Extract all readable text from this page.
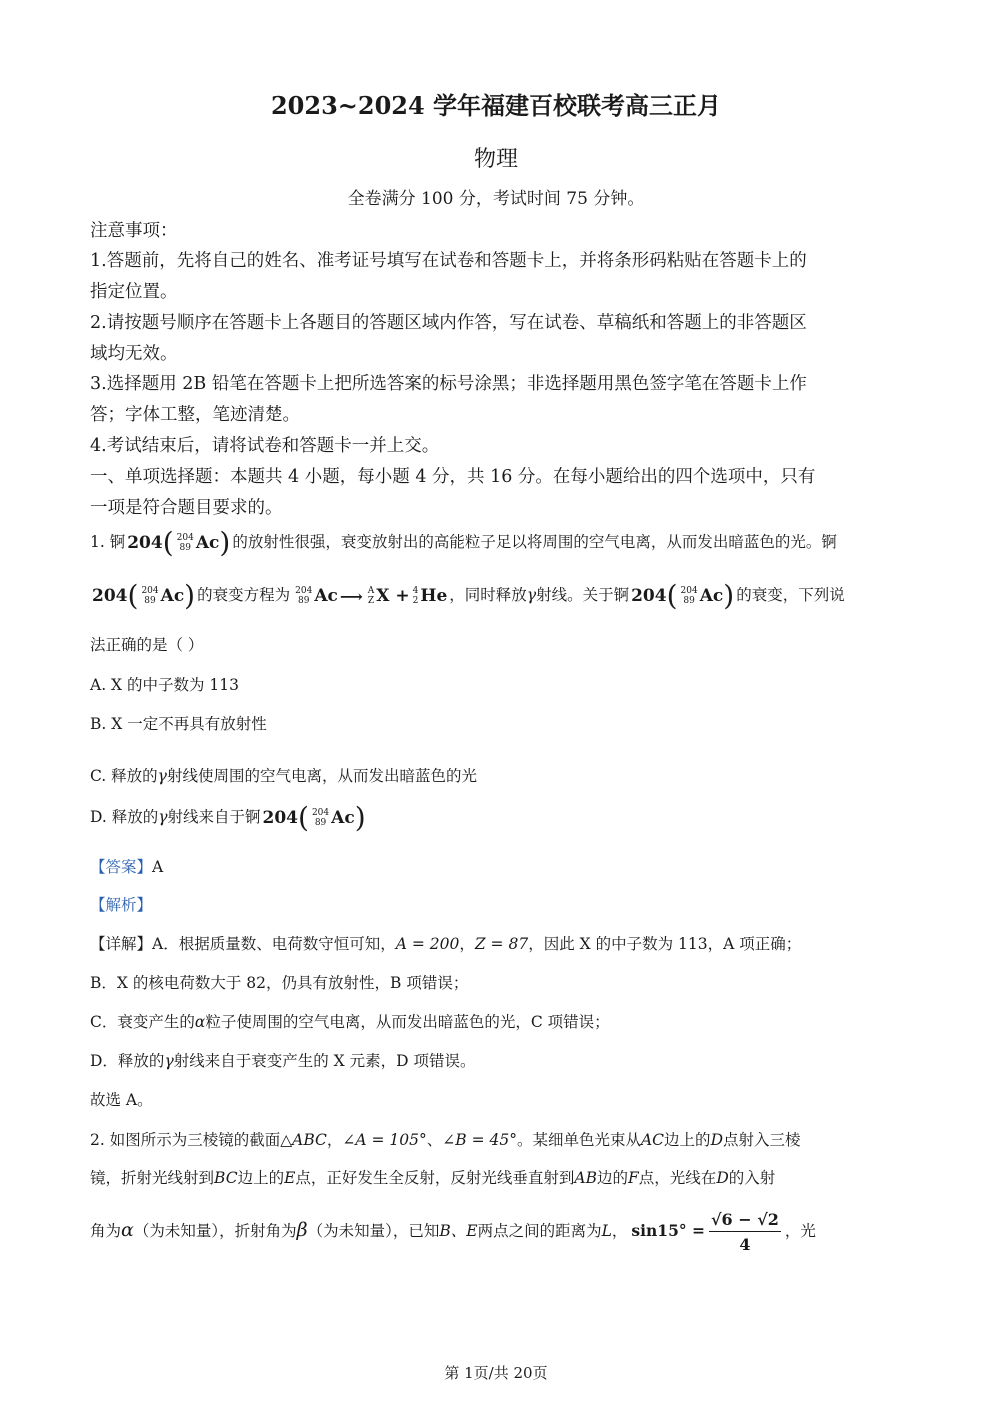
2023~2024 学年福建百校联考高三正月
物理
全卷满分 100 分，考试时间 75 分钟。
注意事项：
1.答题前，先将自己的姓名、准考证号填写在试卷和答题卡上，并将条形码粘贴在答题卡上的
指定位置。
2.请按题号顺序在答题卡上各题目的答题区域内作答，写在试卷、草稿纸和答题上的非答题区
域均无效。
3.选择题用 2B 铅笔在答题卡上把所选答案的标号涂黑；非选择题用黑色签字笔在答题卡上作
答；字体工整，笔迹清楚。
4.考试结束后，请将试卷和答题卡一并上交。
一、单项选择题：本题共 4 小题，每小题 4 分，共 16 分。在每小题给出的四个选项中，只有
一项是符合题目要求的。
1. 锕 204 ( 204
89 Ac ) 的放射性很强，衰变放射出的高能粒子足以将周围的空气电离，从而发出暗蓝色的光。锕
204 ( 204
89 Ac ) 的衰变方程为 204
89 Ac ⟶ A
Z X
+ 4
2 He ，同时释放γ射线。关于锕 204 ( 204
89 Ac ) 的衰变，下列说
法正确的是（ ）
A. X 的中子数为 113
B. X 一定不再具有放射性
C. 释放的γ射线使周围的空气电离，从而发出暗蓝色的光
D. 释放的γ射线来自于锕 204 ( 204
89 Ac )
【答案】A
【解析】
【详解】A．根据质量数、电荷数守恒可知，A = 200，Z = 87，因此 X 的中子数为 113，A 项正确；
B．X 的核电荷数大于 82，仍具有放射性，B 项错误；
C．衰变产生的α粒子使周围的空气电离，从而发出暗蓝色的光，C 项错误；
D．释放的γ射线来自于衰变产生的 X 元素，D 项错误。
故选 A。
2. 如图所示为三棱镜的截面△ABC，∠A = 105°、∠B = 45°。某细单色光束从AC边上的D点射入三棱
镜，折射光线射到BC边上的E点，正好发生全反射，反射光线垂直射到AB边的F点，光线在D的入射
角为α（为未知量），折射角为β（为未知量），已知B、E两点之间的距离为L， $\sin 15^\circ = \frac{√6 - √2}{4}$ ，光
第 1页/共 20页
